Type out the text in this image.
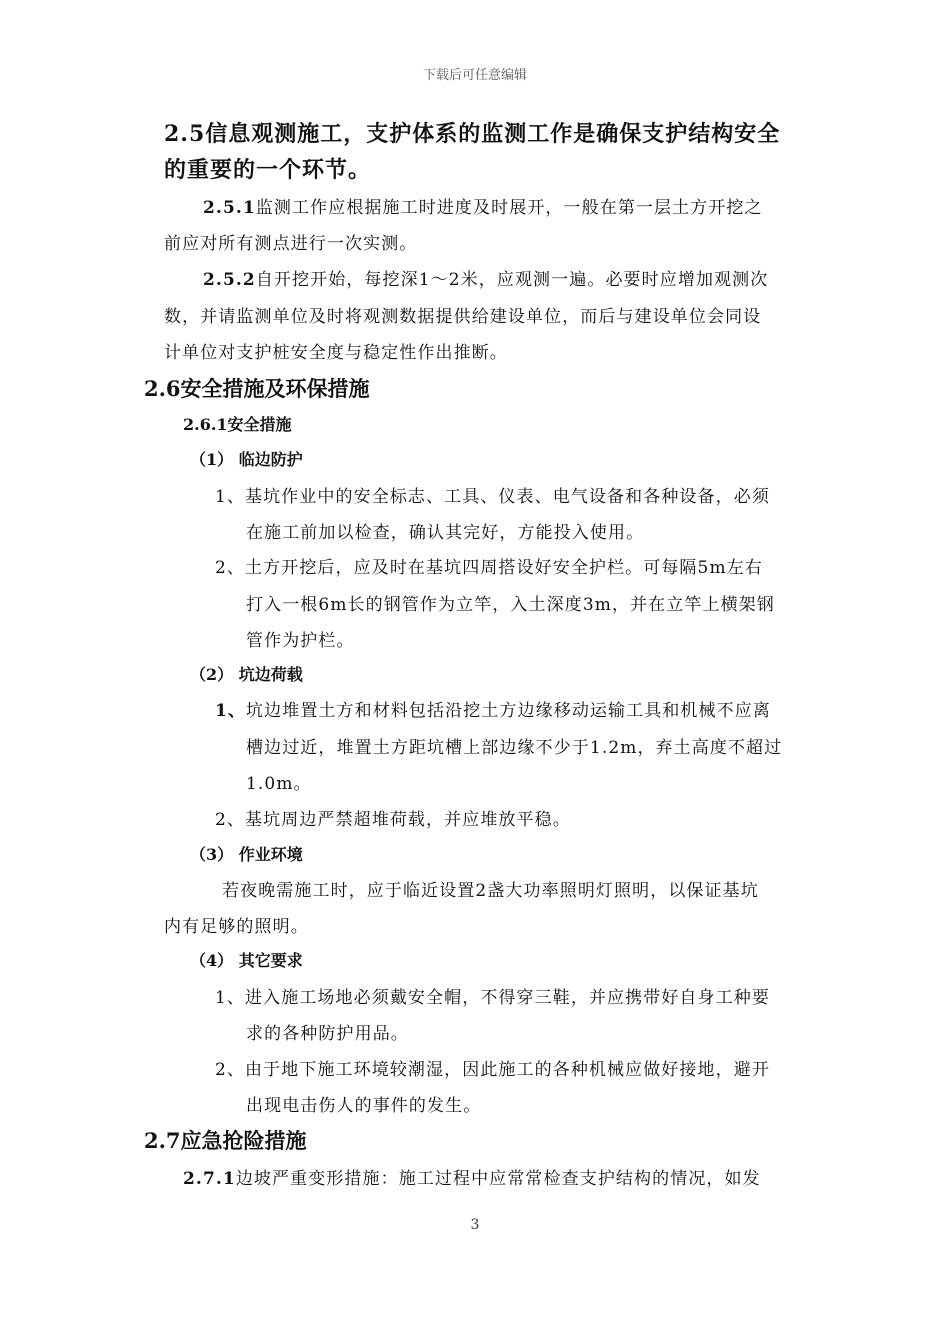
下载后可任意编辑
2.5信息观测施工，支护体系的监测工作是确保支护结构安全
的重要的一个环节。
2.5.1监测工作应根据施工时进度及时展开，一般在第一层土方开挖之
前应对所有测点进行一次实测。
2.5.2自开挖开始，每挖深1～2米，应观测一遍。必要时应增加观测次
数，并请监测单位及时将观测数据提供给建设单位，而后与建设单位会同设
计单位对支护桩安全度与稳定性作出推断。
2.6安全措施及环保措施
2.6.1安全措施
（1） 临边防护
1、基坑作业中的安全标志、工具、仪表、电气设备和各种设备，必须
在施工前加以检查，确认其完好，方能投入使用。
2、土方开挖后，应及时在基坑四周搭设好安全护栏。可每隔5m左右
打入一根6m长的钢管作为立竿，入土深度3m，并在立竿上横架钢
管作为护栏。
（2） 坑边荷载
1、坑边堆置土方和材料包括沿挖土方边缘移动运输工具和机械不应离
槽边过近，堆置土方距坑槽上部边缘不少于1.2m，弃土高度不超过
1.0m。
2、基坑周边严禁超堆荷载，并应堆放平稳。
（3） 作业环境
若夜晚需施工时，应于临近设置2盏大功率照明灯照明，以保证基坑
内有足够的照明。
（4） 其它要求
1、进入施工场地必须戴安全帽，不得穿三鞋，并应携带好自身工种要
求的各种防护用品。
2、由于地下施工环境较潮湿，因此施工的各种机械应做好接地，避开
出现电击伤人的事件的发生。
2.7应急抢险措施
2.7.1边坡严重变形措施：施工过程中应常常检查支护结构的情况，如发
3
